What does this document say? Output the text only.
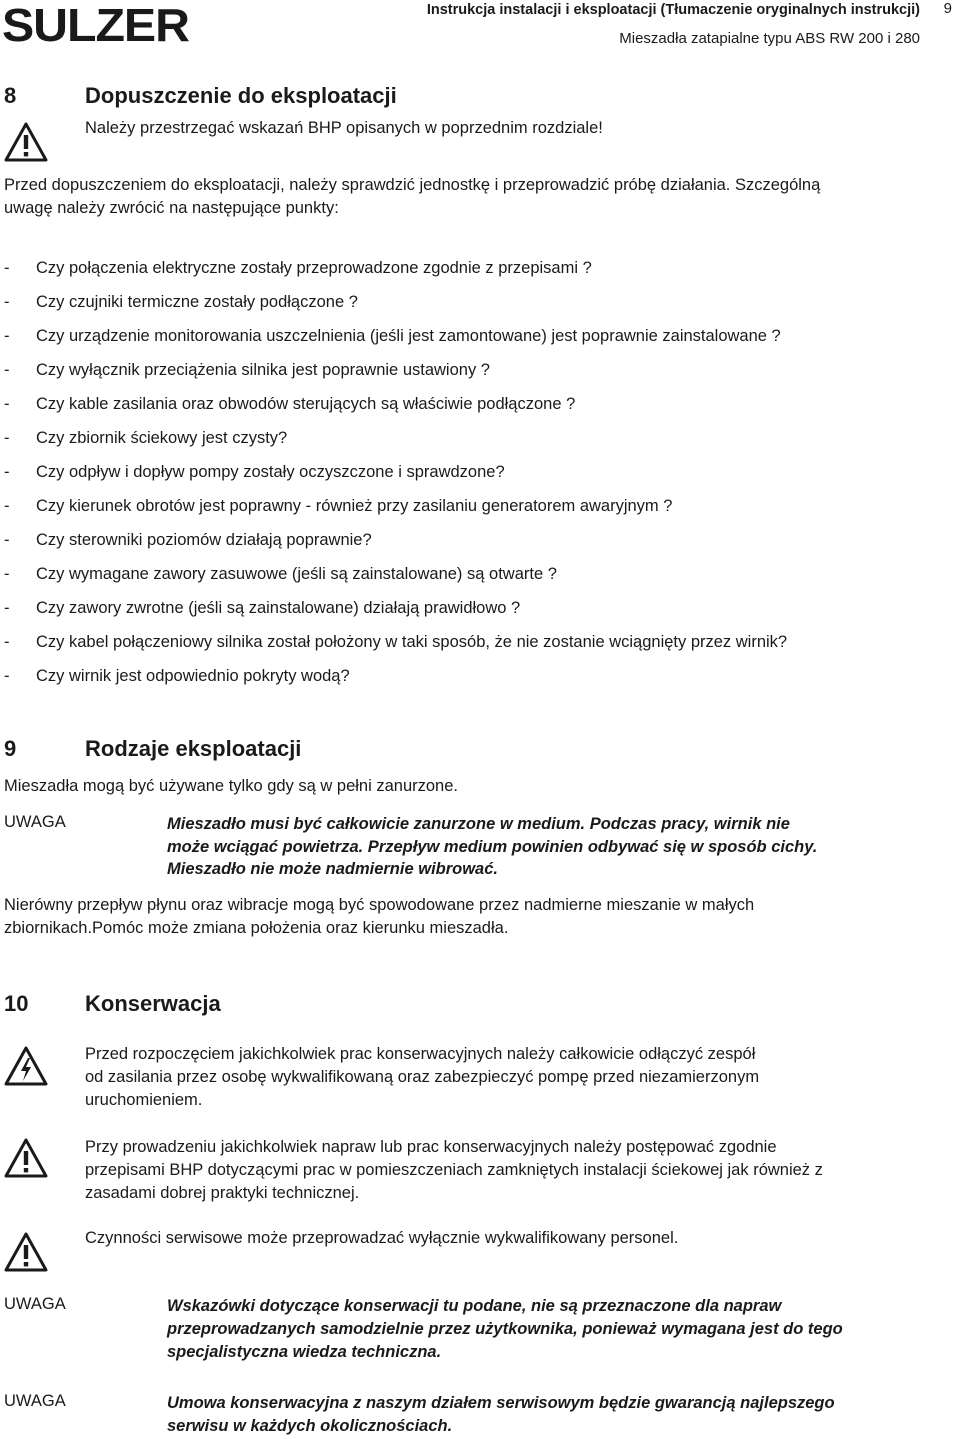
SULZER	Instrukcja instalacji i eksploatacji (Tłumaczenie oryginalnych instrukcji) 9
Mieszadła zatapialne typu ABS RW 200 i 280
8	Dopuszczenie do eksploatacji
Należy przestrzegać wskazań BHP opisanych w poprzednim rozdziale!
Przed dopuszczeniem do eksploatacji, należy sprawdzić jednostkę i przeprowadzić próbę działania. Szczególną
uwagę należy zwrócić na następujące punkty:
- Czy połączenia elektryczne zostały przeprowadzone zgodnie z przepisami ?
- Czy czujniki termiczne zostały podłączone ?
- Czy urządzenie monitorowania uszczelnienia (jeśli jest zamontowane) jest poprawnie zainstalowane ?
- Czy wyłącznik przeciążenia silnika jest poprawnie ustawiony ?
- Czy kable zasilania oraz obwodów sterujących są właściwie podłączone ?
- Czy zbiornik ściekowy jest czysty?
- Czy odpływ i dopływ pompy zostały oczyszczone i sprawdzone?
- Czy kierunek obrotów jest poprawny - również przy zasilaniu generatorem awaryjnym ?
- Czy sterowniki poziomów działają poprawnie?
- Czy wymagane zawory zasuwowe (jeśli są zainstalowane) są otwarte ?
- Czy zawory zwrotne (jeśli są zainstalowane) działają prawidłowo ?
- Czy kabel połączeniowy silnika został położony w taki sposób, że nie zostanie wciągnięty przez wirnik?
- Czy wirnik jest odpowiednio pokryty wodą?
9	Rodzaje eksploatacji
Mieszadła mogą być używane tylko gdy są w pełni zanurzone.
UWAGA	Mieszadło musi być całkowicie zanurzone w medium. Podczas pracy, wirnik nie
może wciągać powietrza. Przepływ medium powinien odbywać się w sposób cichy.
Mieszadło nie może nadmiernie wibrować.
Nierówny przepływ płynu oraz wibracje mogą być spowodowane przez nadmierne mieszanie w małych
zbiornikach.Pomóc może zmiana położenia oraz kierunku mieszadła.
10	Konserwacja
Przed rozpoczęciem jakichkolwiek prac konserwacyjnych należy całkowicie odłączyć zespół
od zasilania przez osobę wykwalifikowaną oraz zabezpieczyć pompę przed niezamierzonym
uruchomieniem.
Przy prowadzeniu jakichkolwiek napraw lub prac konserwacyjnych należy postępować zgodnie
przepisami BHP dotyczącymi prac w pomieszczeniach zamkniętych instalacji ściekowej jak również z
zasadami dobrej praktyki technicznej.
Czynności serwisowe może przeprowadzać wyłącznie wykwalifikowany personel.
UWAGA	Wskazówki dotyczące konserwacji tu podane, nie są przeznaczone dla napraw
przeprowadzanych samodzielnie przez użytkownika, ponieważ wymagana jest do tego
specjalistyczna wiedza techniczna.
UWAGA	Umowa konserwacyjna z naszym działem serwisowym będzie gwarancją najlepszego
serwisu w każdych okolicznościach.
